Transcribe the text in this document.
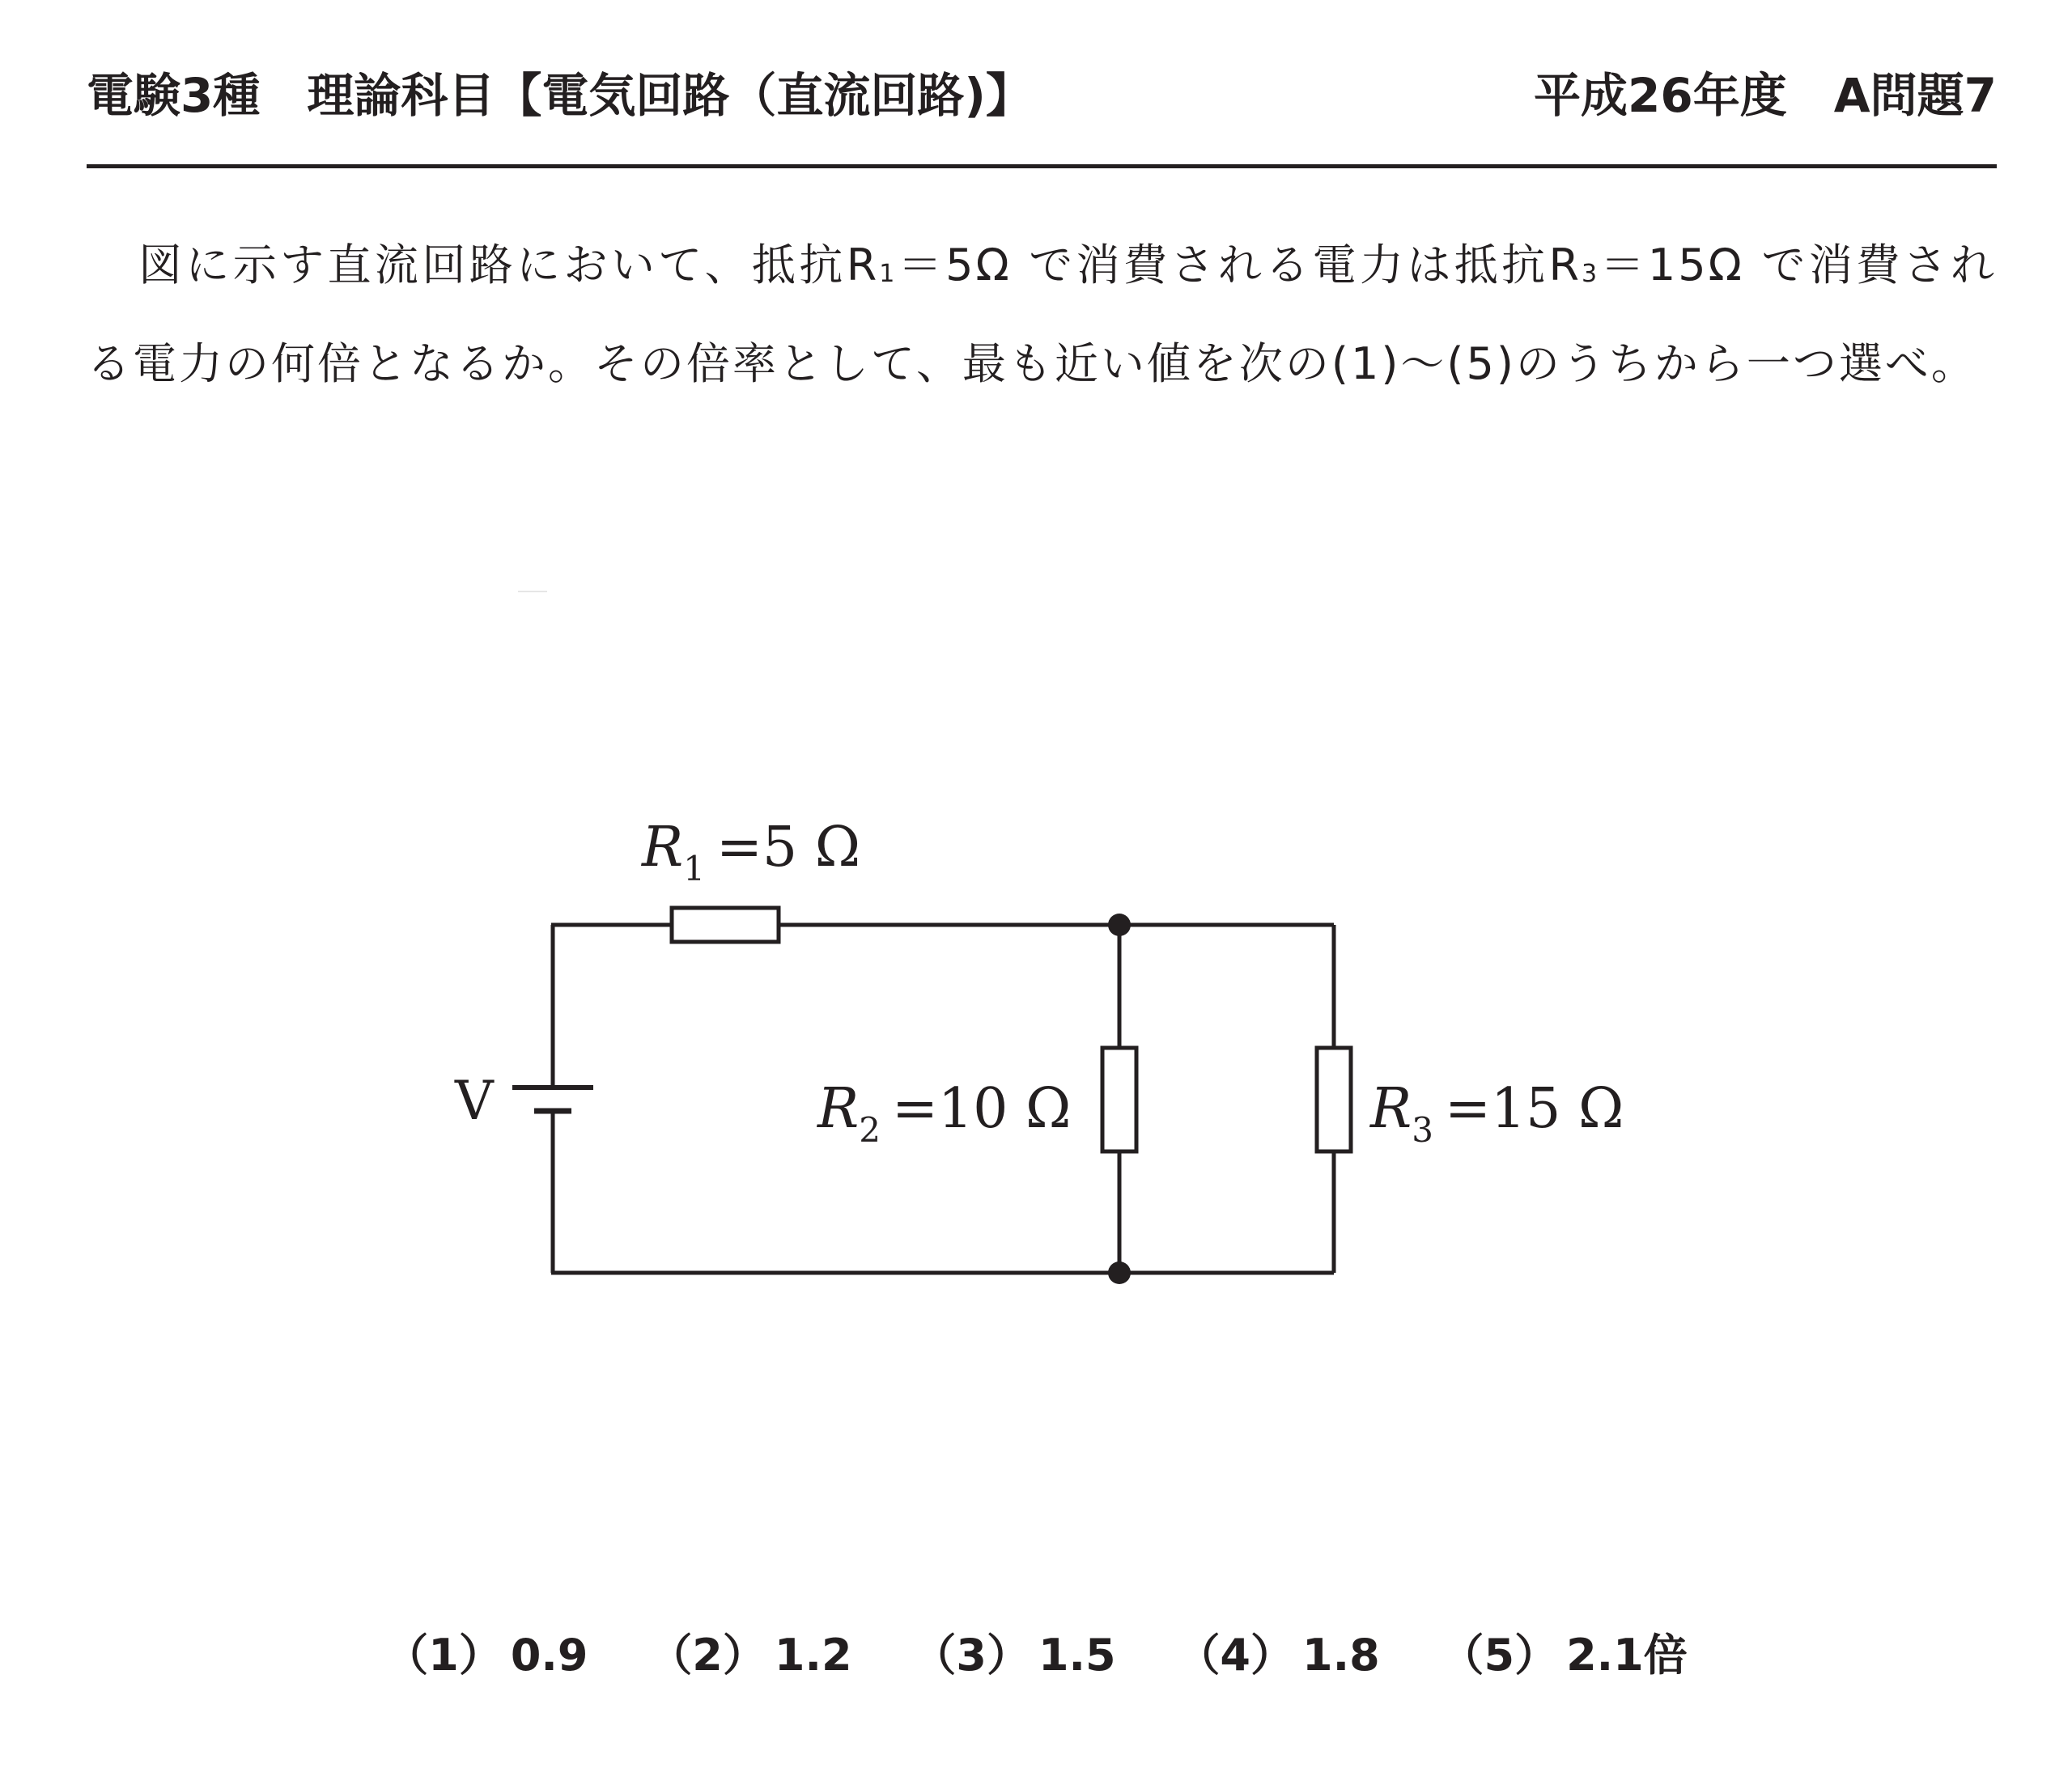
電験3種　理論科目【電気回路（直流回路)】	平成26年度　A問題7
図に示す直流回路において、抵抗$R_1=5\Omega$ で消費される電力は抵抗$R_3=15\Omega$ で消費される電力の何倍となるか。その倍率として、最も近い値を次の(1)～(5)のうちから一つ選べ。
V
$R_1 =5$ Ω
$R_2 =10$ Ω	$R_3 =15$ Ω
（1） 0.9 （2） 1.2 （3） 1.5 （4） 1.8 （5） 2.1倍
